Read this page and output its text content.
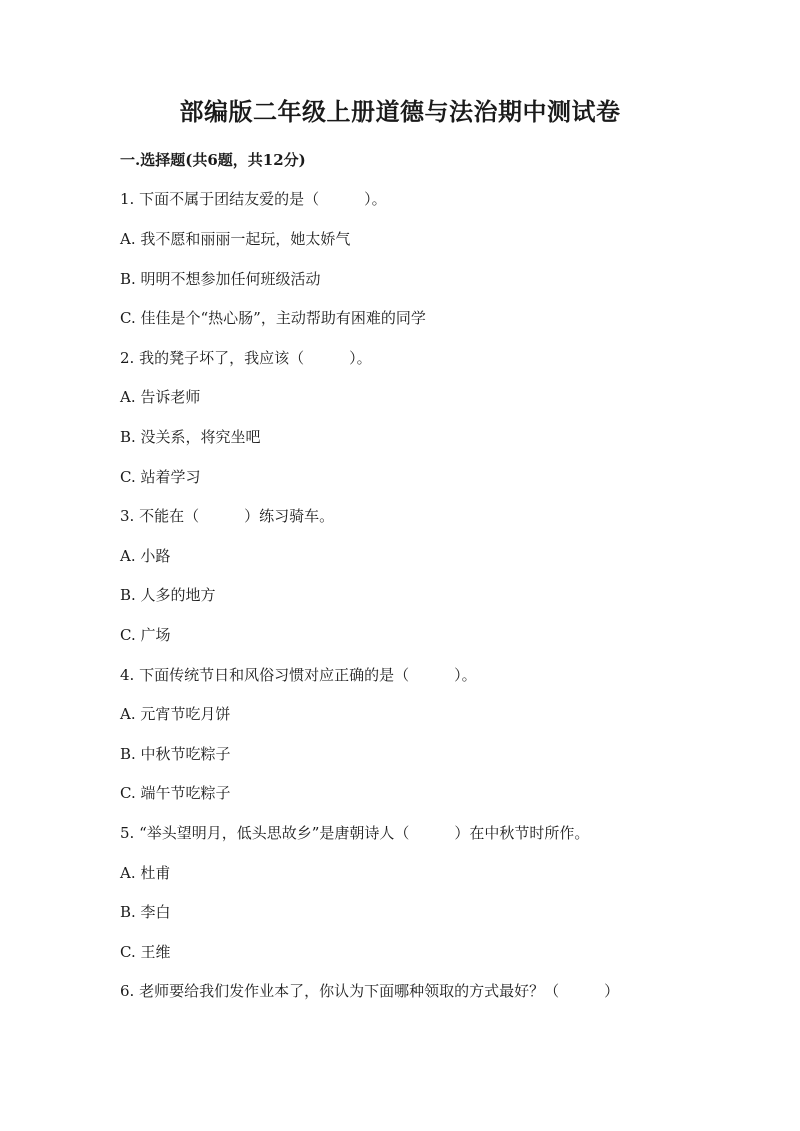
部编版二年级上册道德与法治期中测试卷
一.选择题(共6题，共12分)
1. 下面不属于团结友爱的是（　　　）。
A. 我不愿和丽丽一起玩，她太娇气
B. 明明不想参加任何班级活动
C. 佳佳是个“热心肠”，主动帮助有困难的同学
2. 我的凳子坏了，我应该（　　　）。
A. 告诉老师
B. 没关系，将究坐吧
C. 站着学习
3. 不能在（　　　）练习骑车。
A. 小路
B. 人多的地方
C. 广场
4. 下面传统节日和风俗习惯对应正确的是（　　　）。
A. 元宵节吃月饼
B. 中秋节吃粽子
C. 端午节吃粽子
5. “举头望明月，低头思故乡”是唐朝诗人（　　　）在中秋节时所作。
A. 杜甫
B. 李白
C. 王维
6. 老师要给我们发作业本了，你认为下面哪种领取的方式最好？（　　　）
